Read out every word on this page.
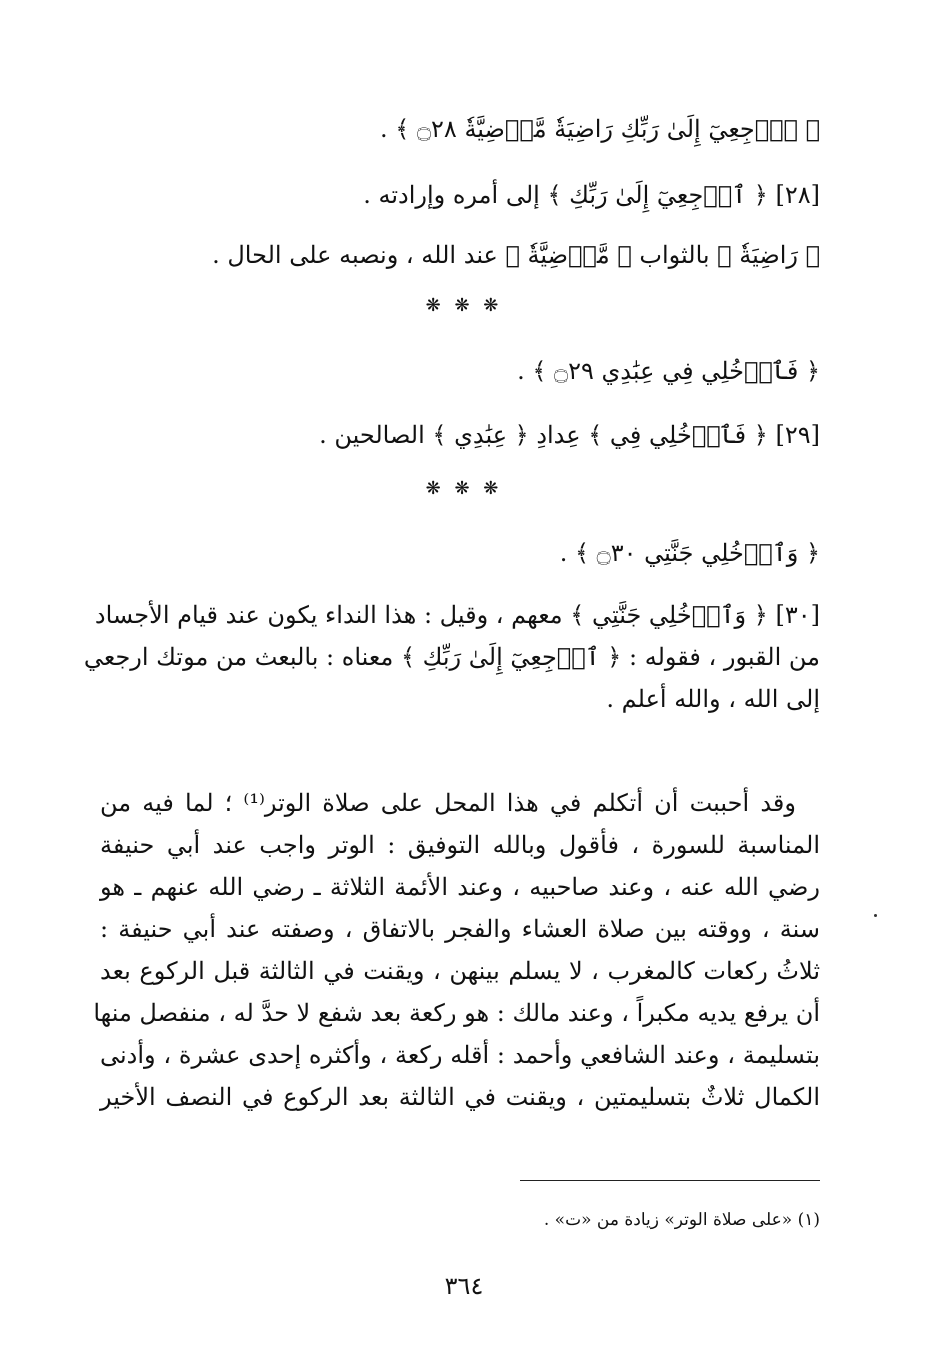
﴿ ٱرۡجِعِيٓ إِلَىٰ رَبِّكِ رَاضِيَةٗ مَّرۡضِيَّةٗ ۝٢٨ ﴾ .
[٢٨] ﴿ ٱرۡجِعِيٓ إِلَىٰ رَبِّكِ ﴾ إلى أمره وإرادته .
﴿ رَاضِيَةٗ ﴾ بالثواب ﴿ مَّرۡضِيَّةٗ ﴾ عند الله ، ونصبه على الحال .
❋ ❋ ❋
﴿ فَٱدۡخُلِي فِي عِبَٰدِي ۝٢٩ ﴾ .
[٢٩] ﴿ فَٱدۡخُلِي فِي ﴾ عِدادِ ﴿ عِبَٰدِي ﴾ الصالحين .
❋ ❋ ❋
﴿ وَٱدۡخُلِي جَنَّتِي ۝٣٠ ﴾ .
[٣٠] ﴿ وَٱدۡخُلِي جَنَّتِي ﴾ معهم ، وقيل : هذا النداء يكون عند قيام الأجساد
من القبور ، فقوله : ﴿ ٱرۡجِعِيٓ إِلَىٰ رَبِّكِ ﴾ معناه : بالبعث من موتك ارجعي
إلى الله ، والله أعلم .
وقد أحببت أن أتكلم في هذا المحل على صلاة الوتر⁽¹⁾ ؛ لما فيه من
المناسبة للسورة ، فأقول وبالله التوفيق : الوتر واجب عند أبي حنيفة
رضي الله عنه ، وعند صاحبيه ، وعند الأئمة الثلاثة ـ رضي الله عنهم ـ هو
سنة ، ووقته بين صلاة العشاء والفجر بالاتفاق ، وصفته عند أبي حنيفة :
ثلاثُ ركعات كالمغرب ، لا يسلم بينهن ، ويقنت في الثالثة قبل الركوع بعد
أن يرفع يديه مكبراً ، وعند مالك : هو ركعة بعد شفع لا حدَّ له ، منفصل منها
بتسليمة ، وعند الشافعي وأحمد : أقله ركعة ، وأكثره إحدى عشرة ، وأدنى
الكمال ثلاثٌ بتسليمتين ، ويقنت في الثالثة بعد الركوع في النصف الأخير
(١) «على صلاة الوتر» زيادة من «ت» .
٣٦٤
